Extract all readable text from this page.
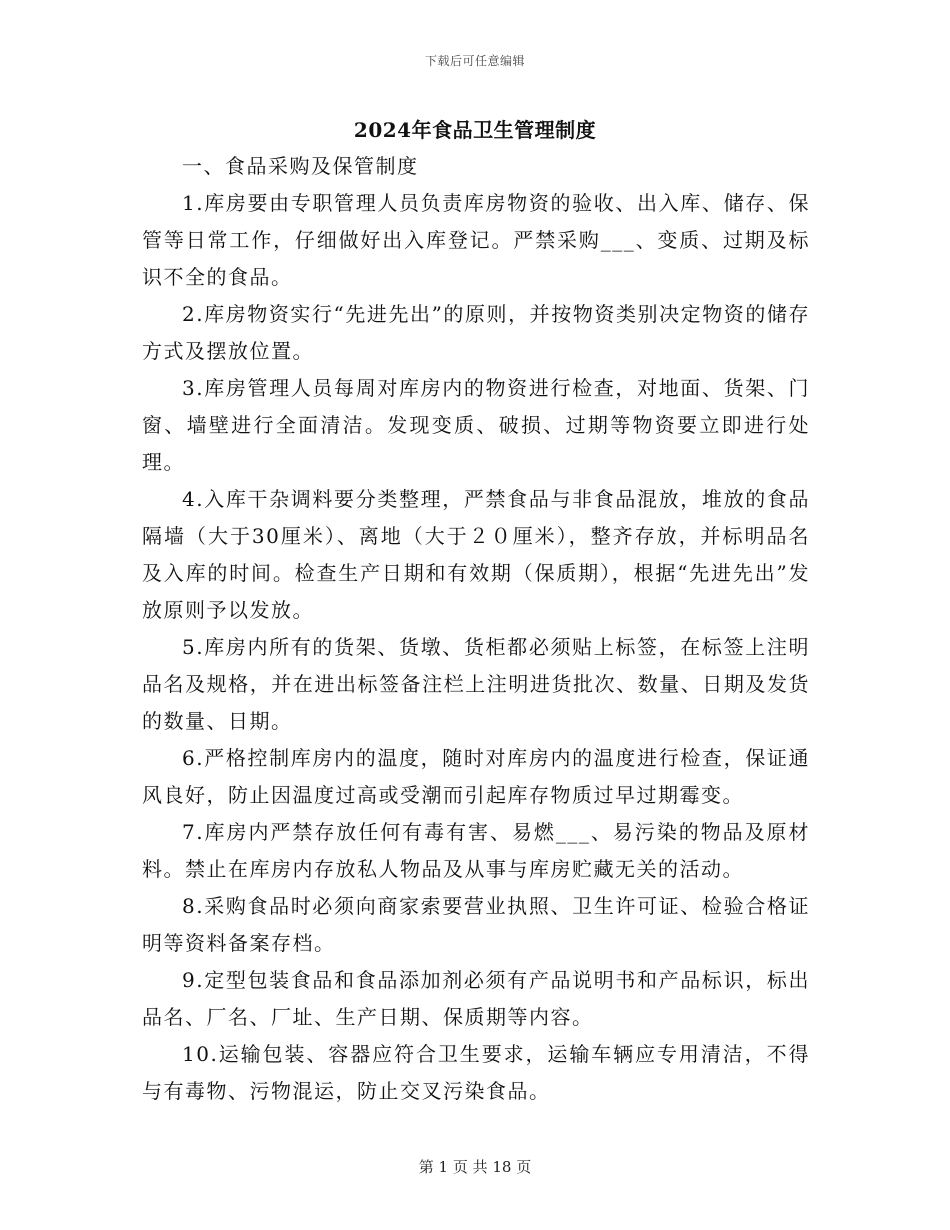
下载后可任意编辑
2024年食品卫生管理制度

一、食品采购及保管制度

1.库房要由专职管理人员负责库房物资的验收、出入库、储存、保管等日常工作，仔细做好出入库登记。严禁采购___、变质、过期及标识不全的食品。

2.库房物资实行“先进先出”的原则，并按物资类别决定物资的储存方式及摆放位置。

3.库房管理人员每周对库房内的物资进行检查，对地面、货架、门窗、墙壁进行全面清洁。发现变质、破损、过期等物资要立即进行处理。

4.入库干杂调料要分类整理，严禁食品与非食品混放，堆放的食品隔墙（大于30厘米）、离地（大于２０厘米），整齐存放，并标明品名及入库的时间。检查生产日期和有效期（保质期），根据“先进先出”发放原则予以发放。

5.库房内所有的货架、货墩、货柜都必须贴上标签，在标签上注明品名及规格，并在进出标签备注栏上注明进货批次、数量、日期及发货的数量、日期。

6.严格控制库房内的温度，随时对库房内的温度进行检查，保证通风良好，防止因温度过高或受潮而引起库存物质过早过期霉变。

7.库房内严禁存放任何有毒有害、易燃___、易污染的物品及原材料。禁止在库房内存放私人物品及从事与库房贮藏无关的活动。

8.采购食品时必须向商家索要营业执照、卫生许可证、检验合格证明等资料备案存档。

9.定型包装食品和食品添加剂必须有产品说明书和产品标识，标出品名、厂名、厂址、生产日期、保质期等内容。

10.运输包装、容器应符合卫生要求，运输车辆应专用清洁，不得与有毒物、污物混运，防止交叉污染食品。

第 1 页 共 18 页
